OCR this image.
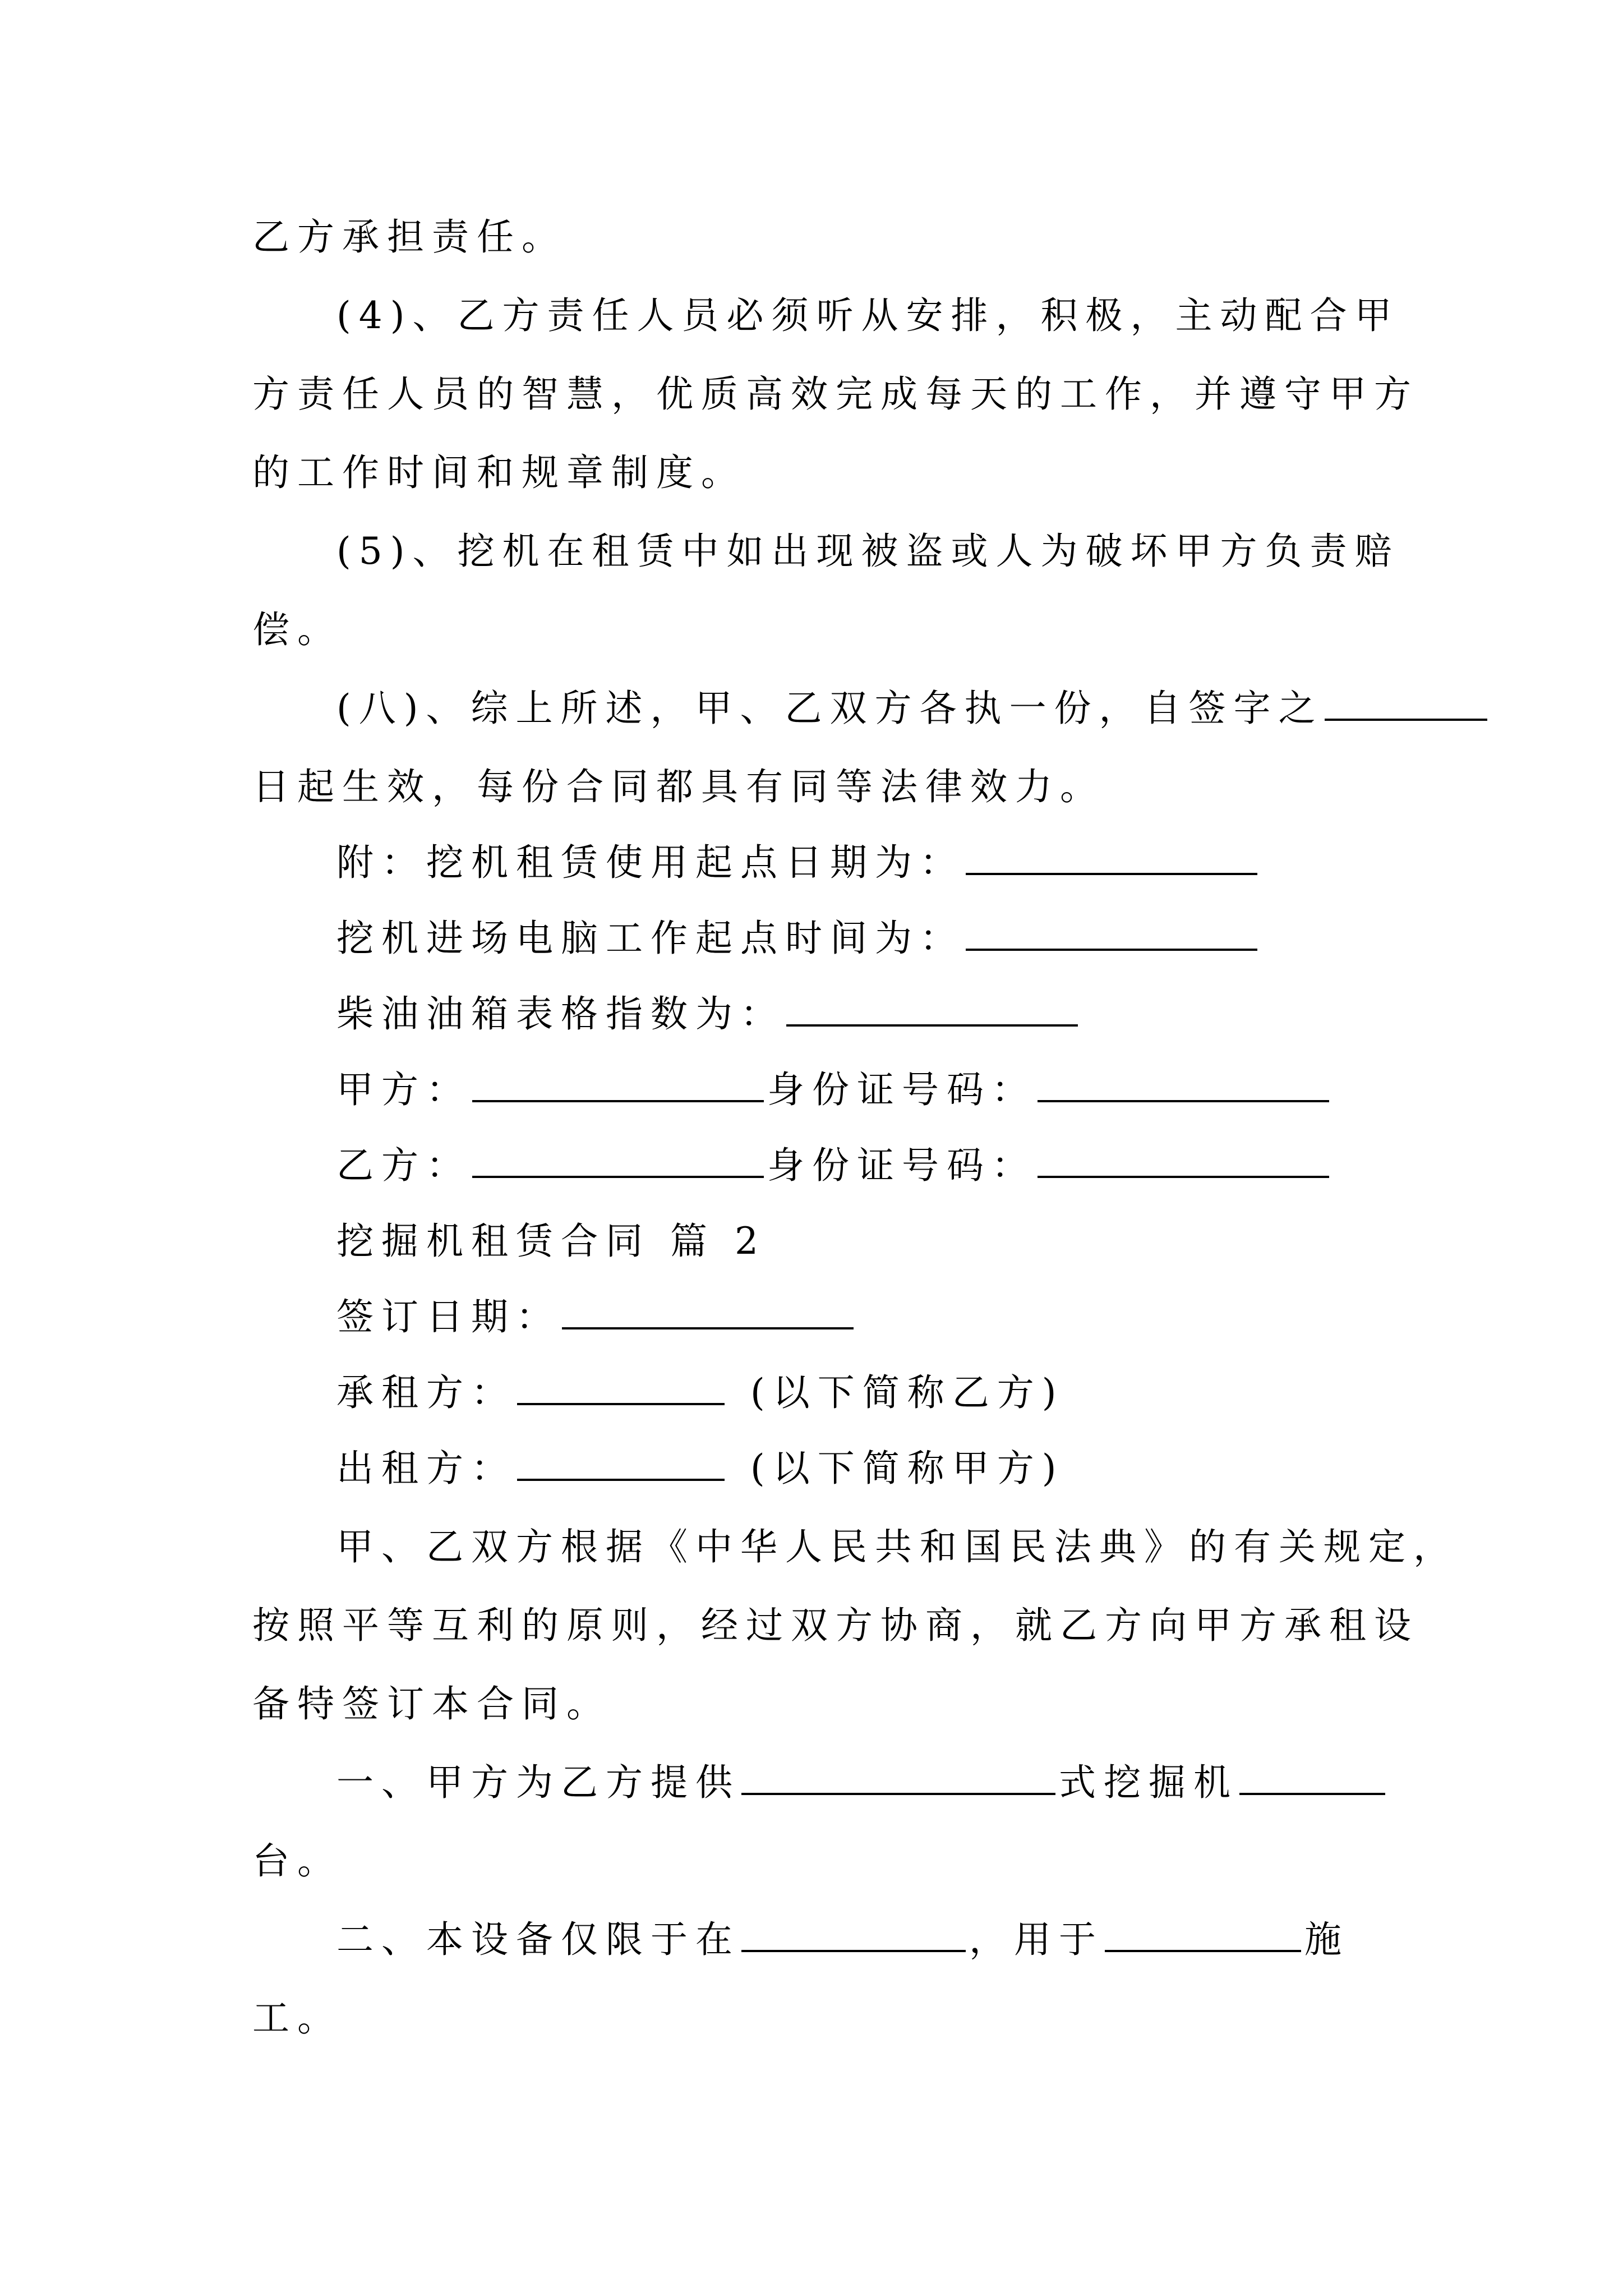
乙方承担责任。
(4)、乙方责任人员必须听从安排，积极，主动配合甲
方责任人员的智慧，优质高效完成每天的工作，并遵守甲方
的工作时间和规章制度。
(5)、挖机在租赁中如出现被盗或人为破坏甲方负责赔
偿。
(八)、综上所述，甲、乙双方各执一份，自签字之
日起生效，每份合同都具有同等法律效力。
附：挖机租赁使用起点日期为：
挖机进场电脑工作起点时间为：
柴油油箱表格指数为：
甲方：	身份证号码：
乙方：	身份证号码：
挖掘机租赁合同 篇 2
签订日期：
承租方：	(以下简称乙方)
出租方：	(以下简称甲方)
甲、乙双方根据《中华人民共和国民法典》的有关规定，
按照平等互利的原则，经过双方协商，就乙方向甲方承租设
备特签订本合同。
一、甲方为乙方提供	式挖掘机
台。
二、本设备仅限于在	，用于	施
工。
